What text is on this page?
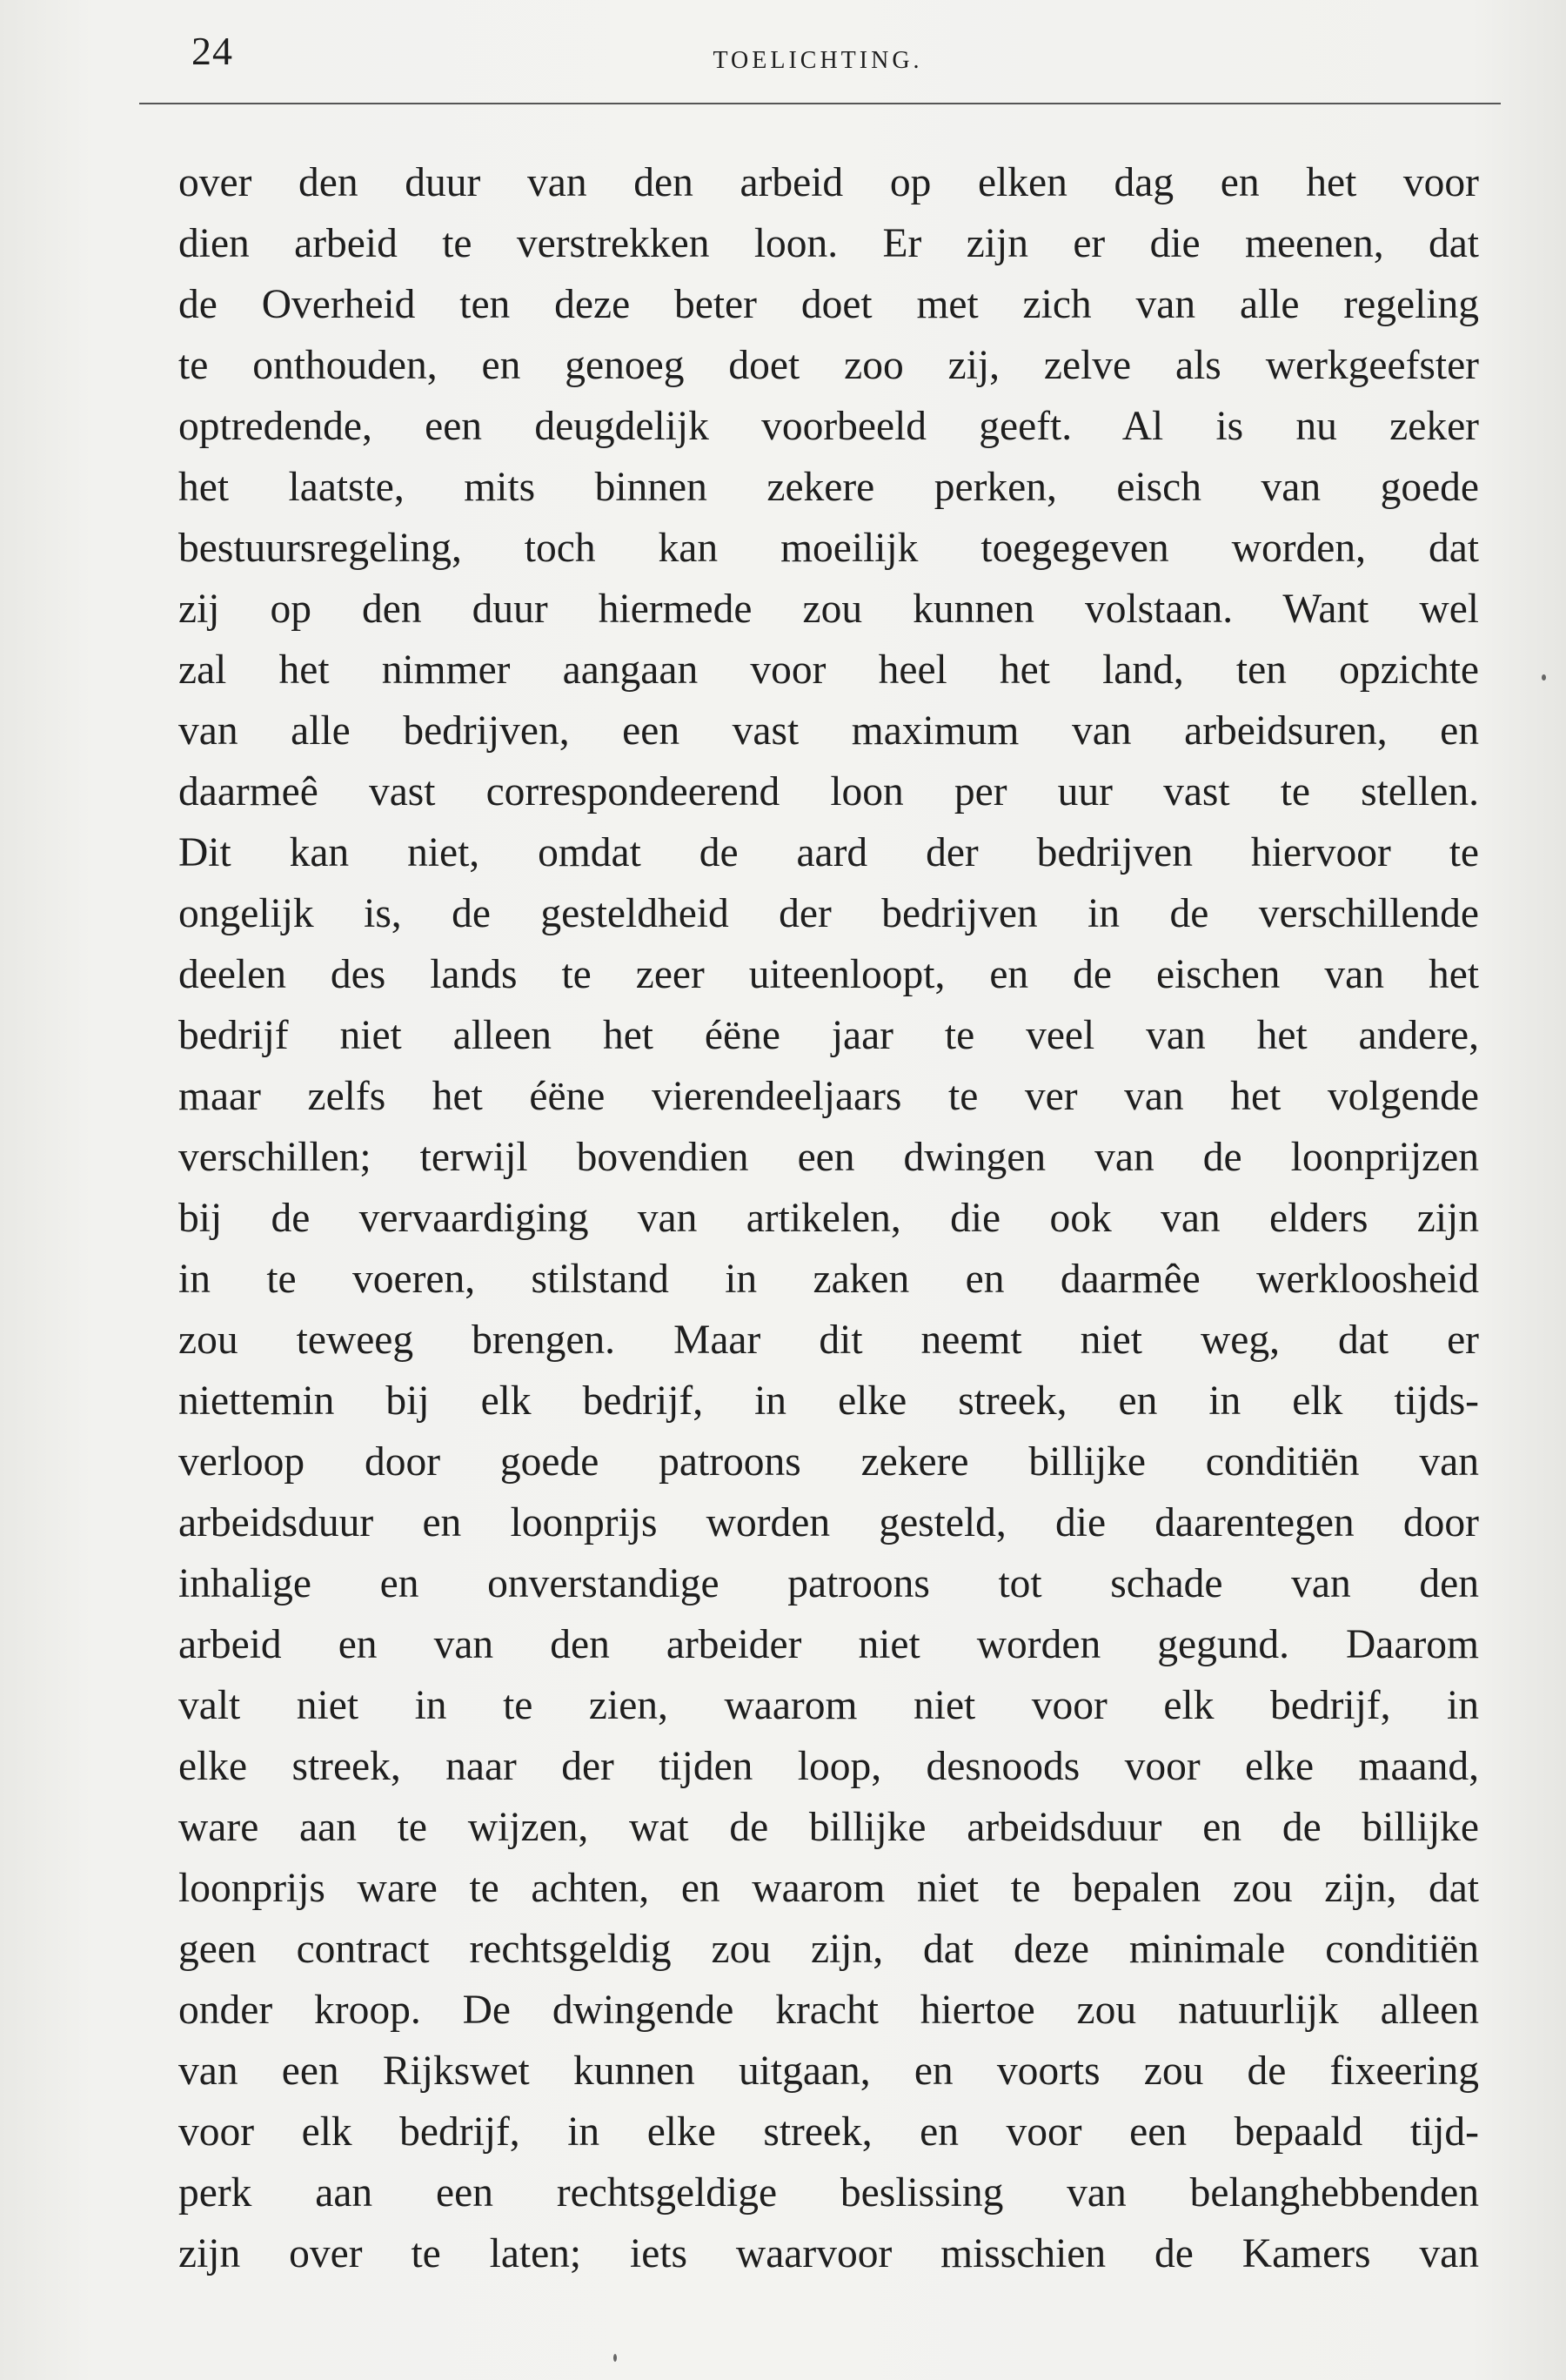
24	TOELICHTING.
over den duur van den arbeid op elken dag en het voor
dien arbeid te verstrekken loon. Er zijn er die meenen, dat
de Overheid ten deze beter doet met zich van alle regeling
te onthouden, en genoeg doet zoo zij, zelve als werkgeefster
optredende, een deugdelijk voorbeeld geeft. Al is nu zeker
het laatste, mits binnen zekere perken, eisch van goede
bestuursregeling, toch kan moeilijk toegegeven worden, dat
zij op den duur hiermede zou kunnen volstaan. Want wel
zal het nimmer aangaan voor heel het land, ten opzichte
van alle bedrijven, een vast maximum van arbeidsuren, en
daarmeê vast correspondeerend loon per uur vast te stellen.
Dit kan niet, omdat de aard der bedrijven hiervoor te
ongelijk is, de gesteldheid der bedrijven in de verschillende
deelen des lands te zeer uiteenloopt, en de eischen van het
bedrijf niet alleen het éëne jaar te veel van het andere,
maar zelfs het éëne vierendeeljaars te ver van het volgende
verschillen; terwijl bovendien een dwingen van de loonprijzen
bij de vervaardiging van artikelen, die ook van elders zijn
in te voeren, stilstand in zaken en daarmêe werkloosheid
zou teweeg brengen. Maar dit neemt niet weg, dat er
niettemin bij elk bedrijf, in elke streek, en in elk tijds-
verloop door goede patroons zekere billijke conditiën van
arbeidsduur en loonprijs worden gesteld, die daarentegen door
inhalige en onverstandige patroons tot schade van den
arbeid en van den arbeider niet worden gegund. Daarom
valt niet in te zien, waarom niet voor elk bedrijf, in
elke streek, naar der tijden loop, desnoods voor elke maand,
ware aan te wijzen, wat de billijke arbeidsduur en de billijke
loonprijs ware te achten, en waarom niet te bepalen zou zijn, dat
geen contract rechtsgeldig zou zijn, dat deze minimale conditiën
onder kroop. De dwingende kracht hiertoe zou natuurlijk alleen
van een Rijkswet kunnen uitgaan, en voorts zou de fixeering
voor elk bedrijf, in elke streek, en voor een bepaald tijd-
perk aan een rechtsgeldige beslissing van belanghebbenden
zijn over te laten; iets waarvoor misschien de Kamers van
